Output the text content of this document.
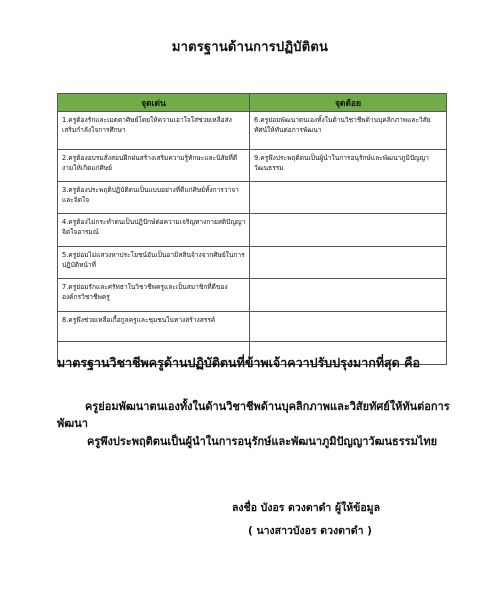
มาตรฐานด้านการปฏิบัติตน
จุดเด่น	จุดด้อย
1.ครูต้องรักและเมตตาศิษย์โดยให้ความเอาใจใส่ช่วยเหลือส่งเสริมกำลังใจการศึกษา	6.ครูย่อมพัฒนาตนเองทั้งในด้านวิชาชีพด้านบุคลิกภาพและวิสัยทัศน์ให้ทันต่อการพัฒนา
2.ครูต้องอบรมสั่งสอนฝึกฝนสร้างเสริมความรู้ทักษะและนิสัยที่ดีงามให้เกิดแก่ศิษย์	9.ครูพึงประพฤติตนเป็นผู้นำในการอนุรักษ์และพัฒนาภูมิปัญญาวัฒนธรรม
3.ครูต้องประพฤติปฏิบัติตนเป็นแบบอย่างที่ดีแก่ศิษย์ทั้งการวาจาและจิตใจ	
4.ครูต้องไม่กระทำตนเป็นปฏิปักษ์ต่อความเจริญทางกายสติปัญญาจิตใจอารมณ์	
5.ครูย่อมไม่แสวงหาประโยชน์อันเป็นอามิสสินจ้างจากศิษย์ในการปฏิบัติหน้าที่	
7.ครูย่อมรักและศรัทธาในวิชาชีพครูและเป็นสมาชิกที่ดีขององค์กรวิชาชีพครู	
8.ครูพึงช่วยเหลือเกื้อกูลครูและชุมชนในทางสร้างสรรค์	

มาตรฐานวิชาชีพครูด้านปฏิบัติตนที่ข้าพเจ้าควาปรับปรุงมากที่สุด คือ
ครูย่อมพัฒนาตนเองทั้งในด้านวิชาชีพด้านบุคลิกภาพและวิสัยทัศย์ให้ทันต่อการพัฒนา
ครูพึงประพฤติตนเป็นผู้นำในการอนุรักษ์และพัฒนาภูมิปัญญาวัฒนธรรมไทย
ลงชื่อ บังอร ดวงตาดำ ผู้ให้ข้อมูล
( นางสาวบังอร ดวงตาดำ )
